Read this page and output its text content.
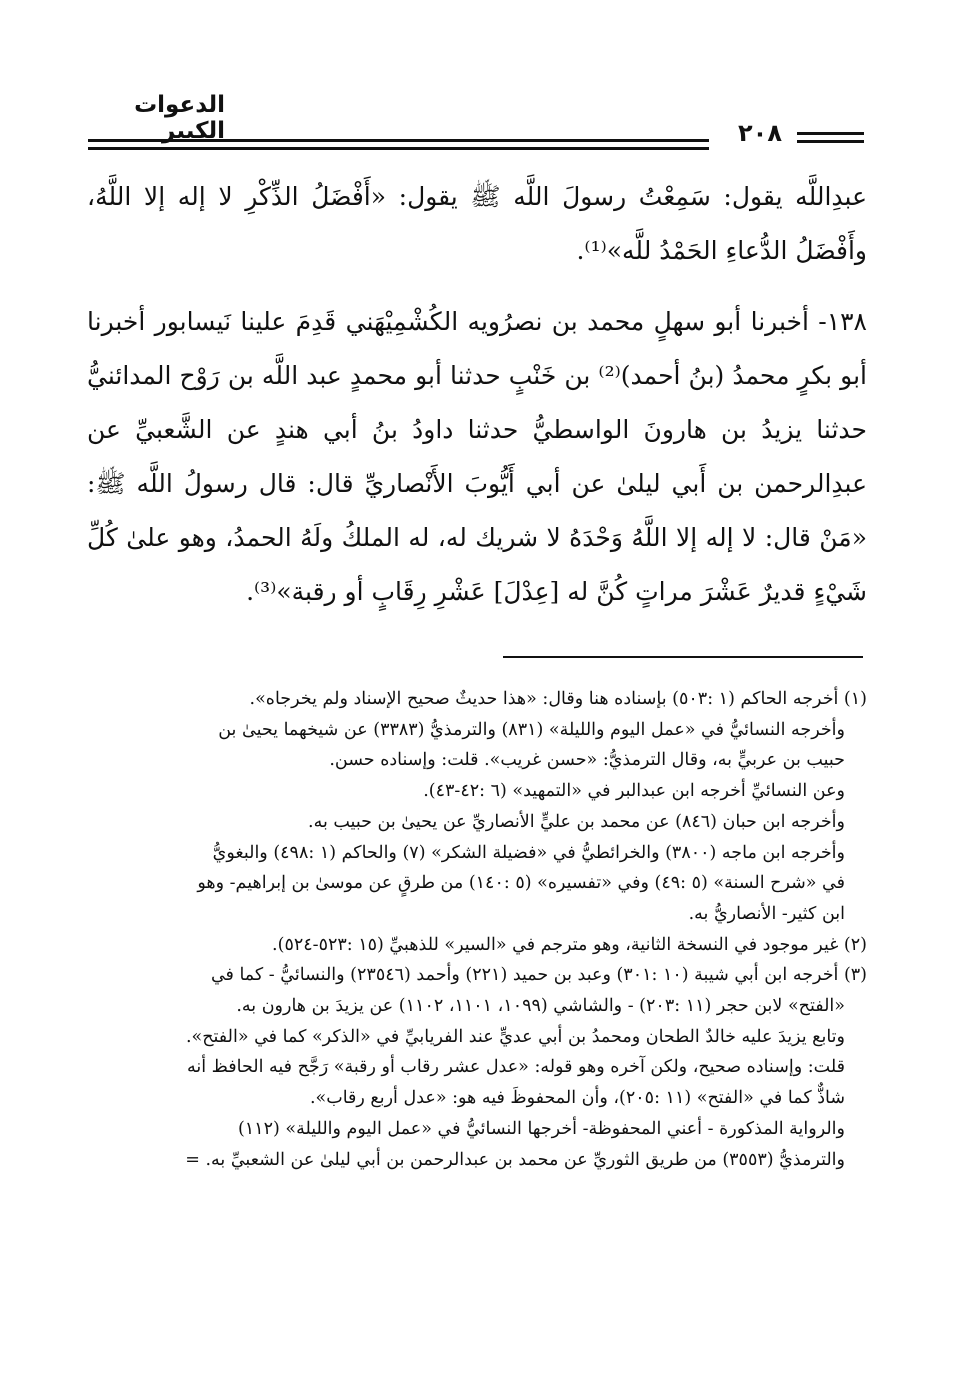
الدعوات الكبير	٢٠٨

عبدِاللَّه يقول: سَمِعْتُ رسولَ اللَّه ﷺ يقول: «أَفْضَلُ الذِّكْرِ لا إله إلا اللَّهُ، وأَفْضَلُ الدُّعاءِ الحَمْدُ للَّه»⁽¹⁾.

١٣٨- أخبرنا أبو سهلٍ محمد بن نصرُويه الكُشْمِيْهَني قَدِمَ علينا نَيسابور أخبرنا أبو بكرٍ محمدُ (بنُ أحمد)⁽²⁾ بن خَنْبٍ حدثنا أبو محمدٍ عبد اللَّه بن رَوْح المدائنيُّ حدثنا يزيدُ بن هارونَ الواسطيُّ حدثنا داودُ بنُ أبي هندٍ عن الشَّعبيِّ عن عبدِالرحمن بن أَبي ليلىٰ عن أبي أَيُّوبَ الأَنْصاريِّ قال: قال رسولُ اللَّه ﷺ: «مَنْ قال: لا إله إلا اللَّهُ وَحْدَهُ لا شريك له، له الملكُ ولَهُ الحمدُ، وهو علىٰ كُلِّ شَيْءٍ قديرٌ عَشْرَ مراتٍ كُنَّ له [عِدْلَ] عَشْرِ رِقَابٍ أو رقبة»⁽³⁾.

(١) أخرجه الحاكم (١ :٥٠٣) بإسناده هنا وقال: «هذا حديثٌ صحيح الإسناد ولم يخرجاه».
وأخرجه النسائيُّ في «عمل اليوم والليلة» (٨٣١) والترمذيُّ (٣٣٨٣) عن شيخهما يحيىٰ بن
حبيب بن عربيٍّ به، وقال الترمذيُّ: «حسن غريب». قلت: وإسناده حسن.
وعن النسائيِّ أخرجه ابن عبدالبر في «التمهيد» (٦ :٤٢-٤٣).
وأخرجه ابن حبان (٨٤٦) عن محمد بن عليٍّ الأنصاريِّ عن يحيىٰ بن حبيب به.
وأخرجه ابن ماجه (٣٨٠٠) والخرائطيُّ في «فضيلة الشكر» (٧) والحاكم (١ :٤٩٨) والبغويُّ
في «شرح السنة» (٥ :٤٩) وفي «تفسيره» (٥ :١٤٠) من طرقٍ عن موسىٰ بن إبراهيم- وهو
ابن كثير- الأنصاريُّ به.
(٢) غير موجود في النسخة الثانية، وهو مترجم في «السير» للذهبيِّ (١٥ :٥٢٣-٥٢٤).
(٣) أخرجه ابن أبي شيبة (١٠ :٣٠١) وعبد بن حميد (٢٢١) وأحمد (٢٣٥٤٦) والنسائيُّ - كما في
«الفتح» لابن حجر (١١ :٢٠٣) - والشاشي (١٠٩٩، ١١٠١، ١١٠٢) عن يزيدَ بن هارون به.
وتابع يزيدَ عليه خالدٌ الطحان ومحمدُ بن أبي عديٍّ عند الفريابيِّ في «الذكر» كما في «الفتح».
قلت: وإسناده صحيح، ولكن آخره وهو قوله: «عدل عشر رقاب أو رقبة» رَجَّح فيه الحافظ أنه
شاذٌّ كما في «الفتح» (١١ :٢٠٥)، وأن المحفوظَ فيه هو: «عدل أربع رقاب».
والرواية المذكورة - أعني المحفوظة- أخرجها النسائيُّ في «عمل اليوم والليلة» (١١٢)
والترمذيُّ (٣٥٥٣) من طريق الثوريِّ عن محمد بن عبدالرحمن بن أبي ليلىٰ عن الشعبيِّ به. =
